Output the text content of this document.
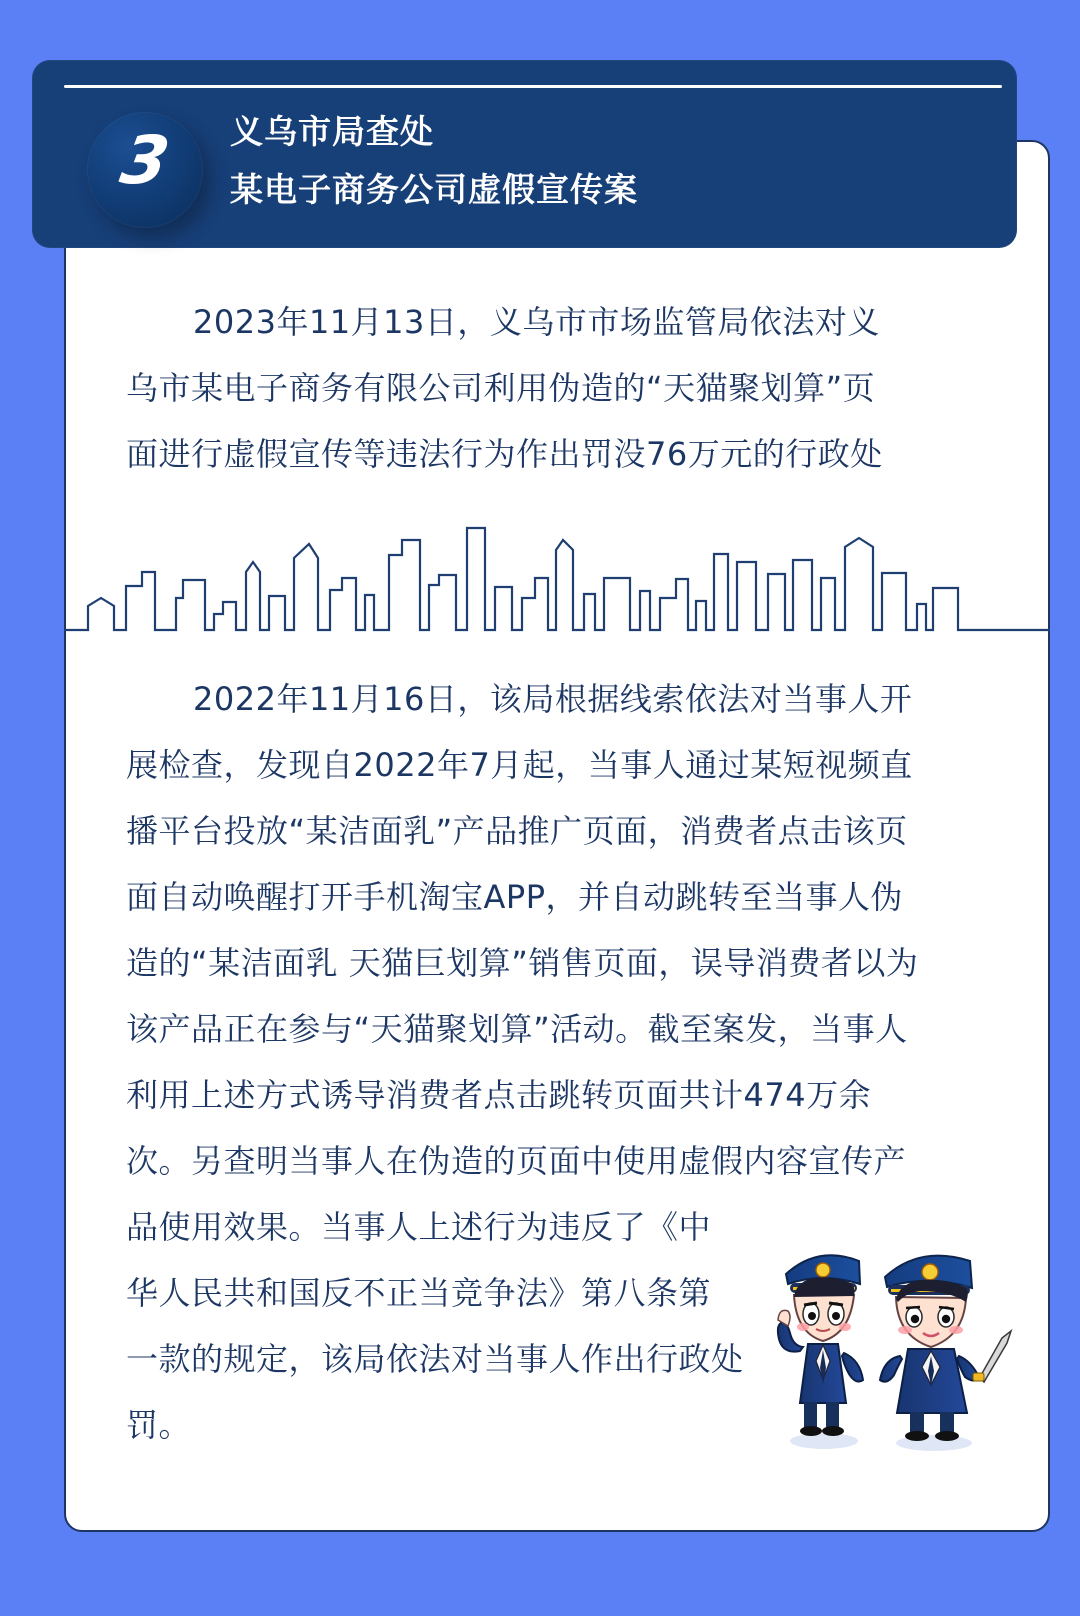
3	义乌市局查处
某电子商务公司虚假宣传案
2023年11月13日，义乌市市场监管局依法对义
乌市某电子商务有限公司利用伪造的“天猫聚划算”页
面进行虚假宣传等违法行为作出罚没76万元的行政处
2022年11月16日，该局根据线索依法对当事人开
展检查，发现自2022年7月起，当事人通过某短视频直
播平台投放“某洁面乳”产品推广页面，消费者点击该页
面自动唤醒打开手机淘宝APP，并自动跳转至当事人伪
造的“某洁面乳 天猫巨划算”销售页面，误导消费者以为
该产品正在参与“天猫聚划算”活动。截至案发，当事人
利用上述方式诱导消费者点击跳转页面共计474万余
次。另查明当事人在伪造的页面中使用虚假内容宣传产
品使用效果。当事人上述行为违反了《中
华人民共和国反不正当竞争法》第八条第
一款的规定，该局依法对当事人作出行政处
罚。
